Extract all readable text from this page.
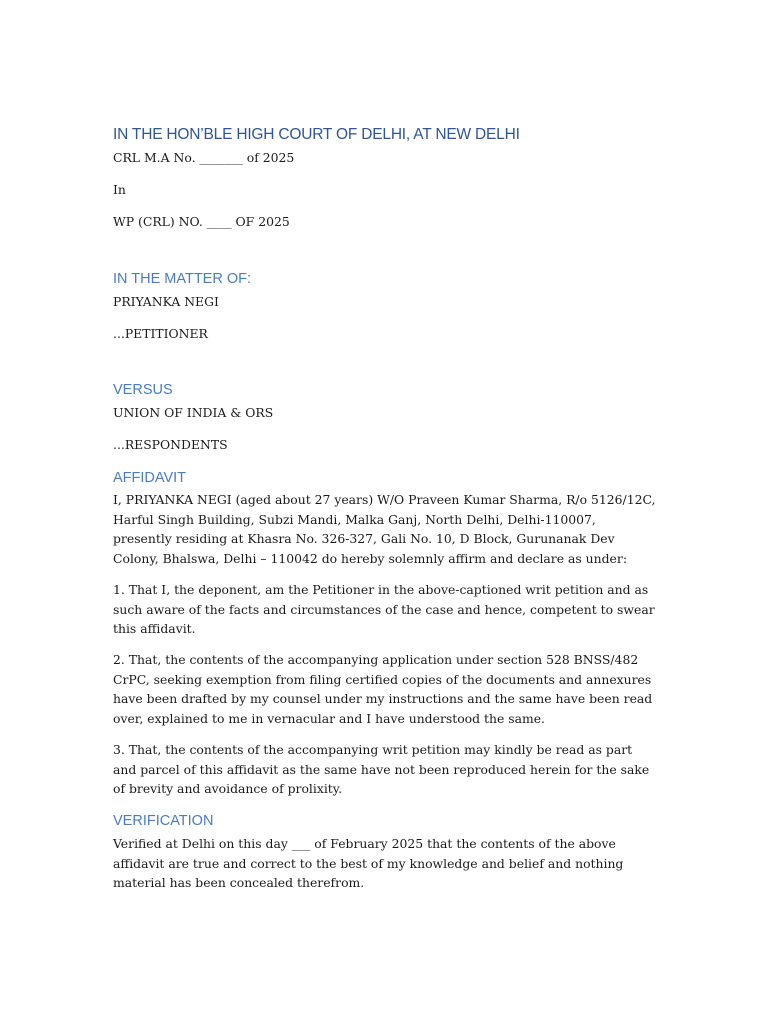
IN THE HON’BLE HIGH COURT OF DELHI, AT NEW DELHI

CRL M.A No. _______ of 2025

In

WP (CRL) NO. ____ OF 2025

IN THE MATTER OF:

PRIYANKA NEGI

...PETITIONER

VERSUS

UNION OF INDIA & ORS

...RESPONDENTS

AFFIDAVIT

I, PRIYANKA NEGI (aged about 27 years) W/O Praveen Kumar Sharma, R/o 5126/12C, Harful Singh Building, Subzi Mandi, Malka Ganj, North Delhi, Delhi-110007, presently residing at Khasra No. 326-327, Gali No. 10, D Block, Gurunanak Dev Colony, Bhalswa, Delhi – 110042 do hereby solemnly affirm and declare as under:

1. That I, the deponent, am the Petitioner in the above-captioned writ petition and as such aware of the facts and circumstances of the case and hence, competent to swear this affidavit.

2. That, the contents of the accompanying application under section 528 BNSS/482 CrPC, seeking exemption from filing certified copies of the documents and annexures have been drafted by my counsel under my instructions and the same have been read over, explained to me in vernacular and I have understood the same.

3. That, the contents of the accompanying writ petition may kindly be read as part and parcel of this affidavit as the same have not been reproduced herein for the sake of brevity and avoidance of prolixity.

VERIFICATION

Verified at Delhi on this day ___ of February 2025 that the contents of the above affidavit are true and correct to the best of my knowledge and belief and nothing material has been concealed therefrom.
